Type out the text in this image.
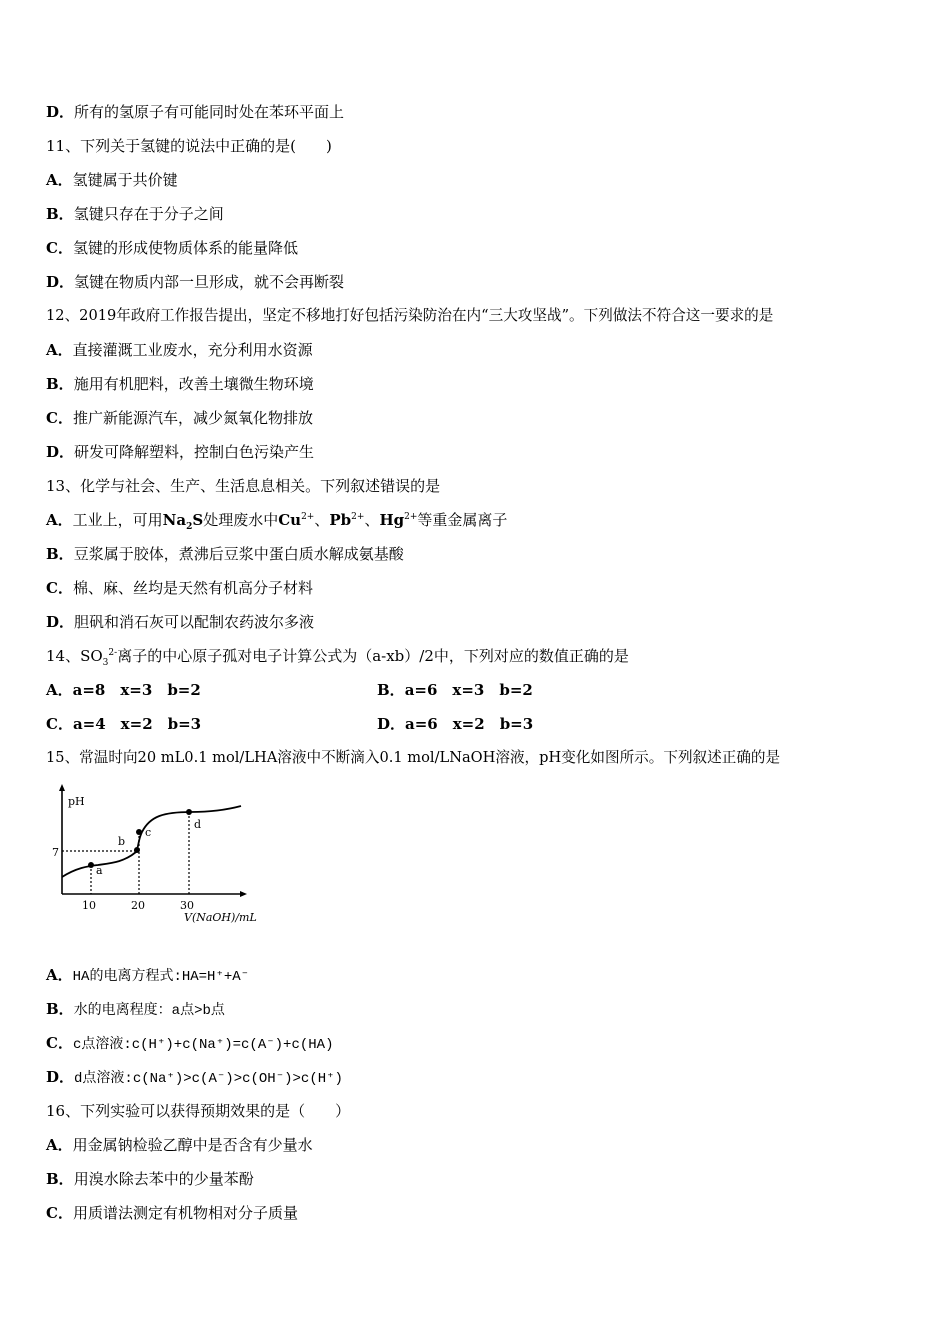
D．所有的氢原子有可能同时处在苯环平面上
11、下列关于氢键的说法中正确的是(　　)
A．氢键属于共价键
B．氢键只存在于分子之间
C．氢键的形成使物质体系的能量降低
D．氢键在物质内部一旦形成，就不会再断裂
12、2019年政府工作报告提出，坚定不移地打好包括污染防治在内“三大攻坚战”。下列做法不符合这一要求的是
A．直接灌溉工业废水，充分利用水资源
B．施用有机肥料，改善土壤微生物环境
C．推广新能源汽车，减少氮氧化物排放
D．研发可降解塑料，控制白色污染产生
13、化学与社会、生产、生活息息相关。下列叙述错误的是
A．工业上，可用$Na_2S$处理废水中$Cu^{2+}$、$Pb^{2+}$、$Hg^{2+}$等重金属离子
B．豆浆属于胶体，煮沸后豆浆中蛋白质水解成氨基酸
C．棉、麻、丝均是天然有机高分子材料
D．胆矾和消石灰可以配制农药波尔多液
14、$SO_3^{2-}$离子的中心原子孤对电子计算公式为（a-xb）/2中，下列对应的数值正确的是
A．a=8　x=3　b=2	B．a=6　x=3　b=2
C．a=4　x=2　b=3	D．a=6　x=2　b=3
15、常温时向20 mL0.1 mol/LHA溶液中不断滴入0.1 mol/LNaOH溶液，pH变化如图所示。下列叙述正确的是
pH
7
a
b
c
d
10	20	30
V(NaOH)/mL
A．HA的电离方程式:HA=H⁺+A⁻
B．水的电离程度：a点>b点
C．c点溶液:c(H⁺)+c(Na⁺)=c(A⁻)+c(HA)
D．d点溶液:c(Na⁺)>c(A⁻)>c(OH⁻)>c(H⁺)
16、下列实验可以获得预期效果的是（　　）
A．用金属钠检验乙醇中是否含有少量水
B．用溴水除去苯中的少量苯酚
C．用质谱法测定有机物相对分子质量
